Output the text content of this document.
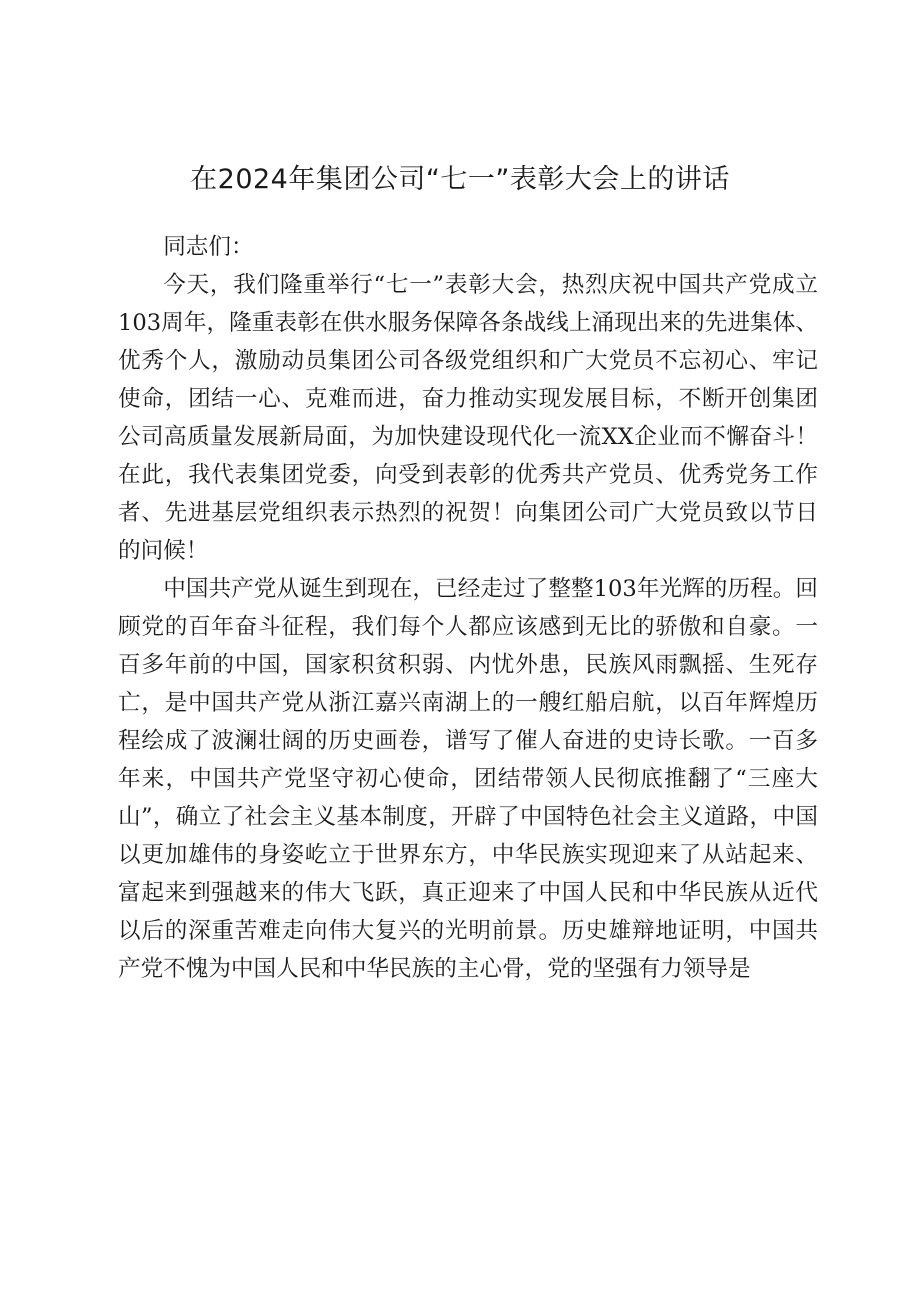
在2024年集团公司“七一”表彰大会上的讲话

同志们：

今天，我们隆重举行“七一”表彰大会，热烈庆祝中国共产党成立103周年，隆重表彰在供水服务保障各条战线上涌现出来的先进集体、优秀个人，激励动员集团公司各级党组织和广大党员不忘初心、牢记使命，团结一心、克难而进，奋力推动实现发展目标，不断开创集团公司高质量发展新局面，为加快建设现代化一流XX企业而不懈奋斗！在此，我代表集团党委，向受到表彰的优秀共产党员、优秀党务工作者、先进基层党组织表示热烈的祝贺！向集团公司广大党员致以节日的问候！

中国共产党从诞生到现在，已经走过了整整103年光辉的历程。回顾党的百年奋斗征程，我们每个人都应该感到无比的骄傲和自豪。一百多年前的中国，国家积贫积弱、内忧外患，民族风雨飘摇、生死存亡，是中国共产党从浙江嘉兴南湖上的一艘红船启航，以百年辉煌历程绘成了波澜壮阔的历史画卷，谱写了催人奋进的史诗长歌。一百多年来，中国共产党坚守初心使命，团结带领人民彻底推翻了“三座大山”，确立了社会主义基本制度，开辟了中国特色社会主义道路，中国以更加雄伟的身姿屹立于世界东方，中华民族实现迎来了从站起来、富起来到强越来的伟大飞跃，真正迎来了中国人民和中华民族从近代以后的深重苦难走向伟大复兴的光明前景。历史雄辩地证明，中国共产党不愧为中国人民和中华民族的主心骨，党的坚强有力领导是
